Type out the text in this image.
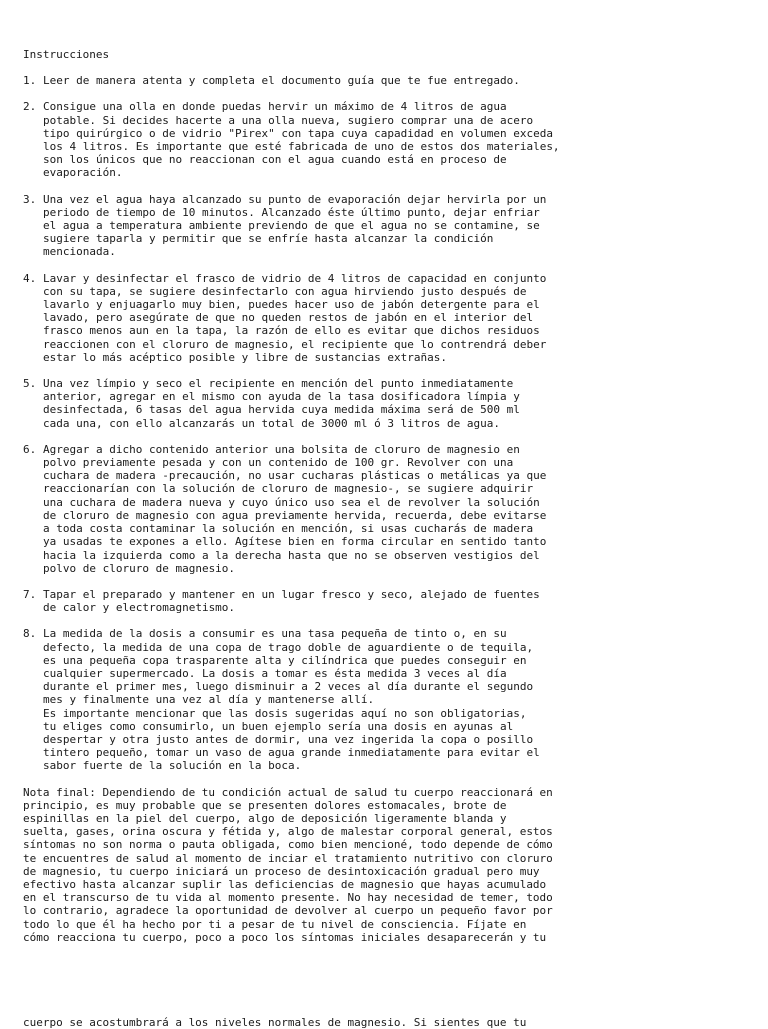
Instrucciones
1. Leer de manera atenta y completa el documento guía que te fue entregado.
2. Consigue una olla en donde puedas hervir un máximo de 4 litros de agua
potable. Si decides hacerte a una olla nueva, sugiero comprar una de acero
tipo quirúrgico o de vidrio "Pirex" con tapa cuya capadidad en volumen exceda
los 4 litros. Es importante que esté fabricada de uno de estos dos materiales,
son los únicos que no reaccionan con el agua cuando está en proceso de
evaporación.
3. Una vez el agua haya alcanzado su punto de evaporación dejar hervirla por un
periodo de tiempo de 10 minutos. Alcanzado éste último punto, dejar enfriar
el agua a temperatura ambiente previendo de que el agua no se contamine, se
sugiere taparla y permitir que se enfríe hasta alcanzar la condición
mencionada.
4. Lavar y desinfectar el frasco de vidrio de 4 litros de capacidad en conjunto
con su tapa, se sugiere desinfectarlo con agua hirviendo justo después de
lavarlo y enjuagarlo muy bien, puedes hacer uso de jabón detergente para el
lavado, pero asegúrate de que no queden restos de jabón en el interior del
frasco menos aun en la tapa, la razón de ello es evitar que dichos residuos
reaccionen con el cloruro de magnesio, el recipiente que lo contrendrá deber
estar lo más acéptico posible y libre de sustancias extrañas.
5. Una vez límpio y seco el recipiente en mención del punto inmediatamente
anterior, agregar en el mismo con ayuda de la tasa dosificadora límpia y
desinfectada, 6 tasas del agua hervida cuya medida máxima será de 500 ml
cada una, con ello alcanzarás un total de 3000 ml ó 3 litros de agua.
6. Agregar a dicho contenido anterior una bolsita de cloruro de magnesio en
polvo previamente pesada y con un contenido de 100 gr. Revolver con una
cuchara de madera -precaución, no usar cucharas plásticas o metálicas ya que
reaccionarían con la solución de cloruro de magnesio-, se sugiere adquirir
una cuchara de madera nueva y cuyo único uso sea el de revolver la solución
de cloruro de magnesio con agua previamente hervida, recuerda, debe evitarse
a toda costa contaminar la solución en mención, si usas cucharás de madera
ya usadas te expones a ello. Agítese bien en forma circular en sentido tanto
hacia la izquierda como a la derecha hasta que no se observen vestigios del
polvo de cloruro de magnesio.
7. Tapar el preparado y mantener en un lugar fresco y seco, alejado de fuentes
de calor y electromagnetismo.
8. La medida de la dosis a consumir es una tasa pequeña de tinto o, en su
defecto, la medida de una copa de trago doble de aguardiente o de tequila,
es una pequeña copa trasparente alta y cilíndrica que puedes conseguir en
cualquier supermercado. La dosis a tomar es ésta medida 3 veces al día
durante el primer mes, luego disminuir a 2 veces al día durante el segundo
mes y finalmente una vez al día y mantenerse allí.
Es importante mencionar que las dosis sugeridas aquí no son obligatorias,
tu eliges como consumirlo, un buen ejemplo sería una dosis en ayunas al
despertar y otra justo antes de dormir, una vez ingerida la copa o posillo
tintero pequeño, tomar un vaso de agua grande inmediatamente para evitar el
sabor fuerte de la solución en la boca.
Nota final: Dependiendo de tu condición actual de salud tu cuerpo reaccionará en
principio, es muy probable que se presenten dolores estomacales, brote de
espinillas en la piel del cuerpo, algo de deposición ligeramente blanda y
suelta, gases, orina oscura y fétida y, algo de malestar corporal general, estos
síntomas no son norma o pauta obligada, como bien mencioné, todo depende de cómo
te encuentres de salud al momento de inciar el tratamiento nutritivo con cloruro
de magnesio, tu cuerpo iniciará un proceso de desintoxicación gradual pero muy
efectivo hasta alcanzar suplir las deficiencias de magnesio que hayas acumulado
en el transcurso de tu vida al momento presente. No hay necesidad de temer, todo
lo contrario, agradece la oportunidad de devolver al cuerpo un pequeño favor por
todo lo que él ha hecho por ti a pesar de tu nivel de consciencia. Fíjate en
cómo reacciona tu cuerpo, poco a poco los síntomas iniciales desaparecerán y tu
cuerpo se acostumbrará a los niveles normales de magnesio. Si sientes que tu
